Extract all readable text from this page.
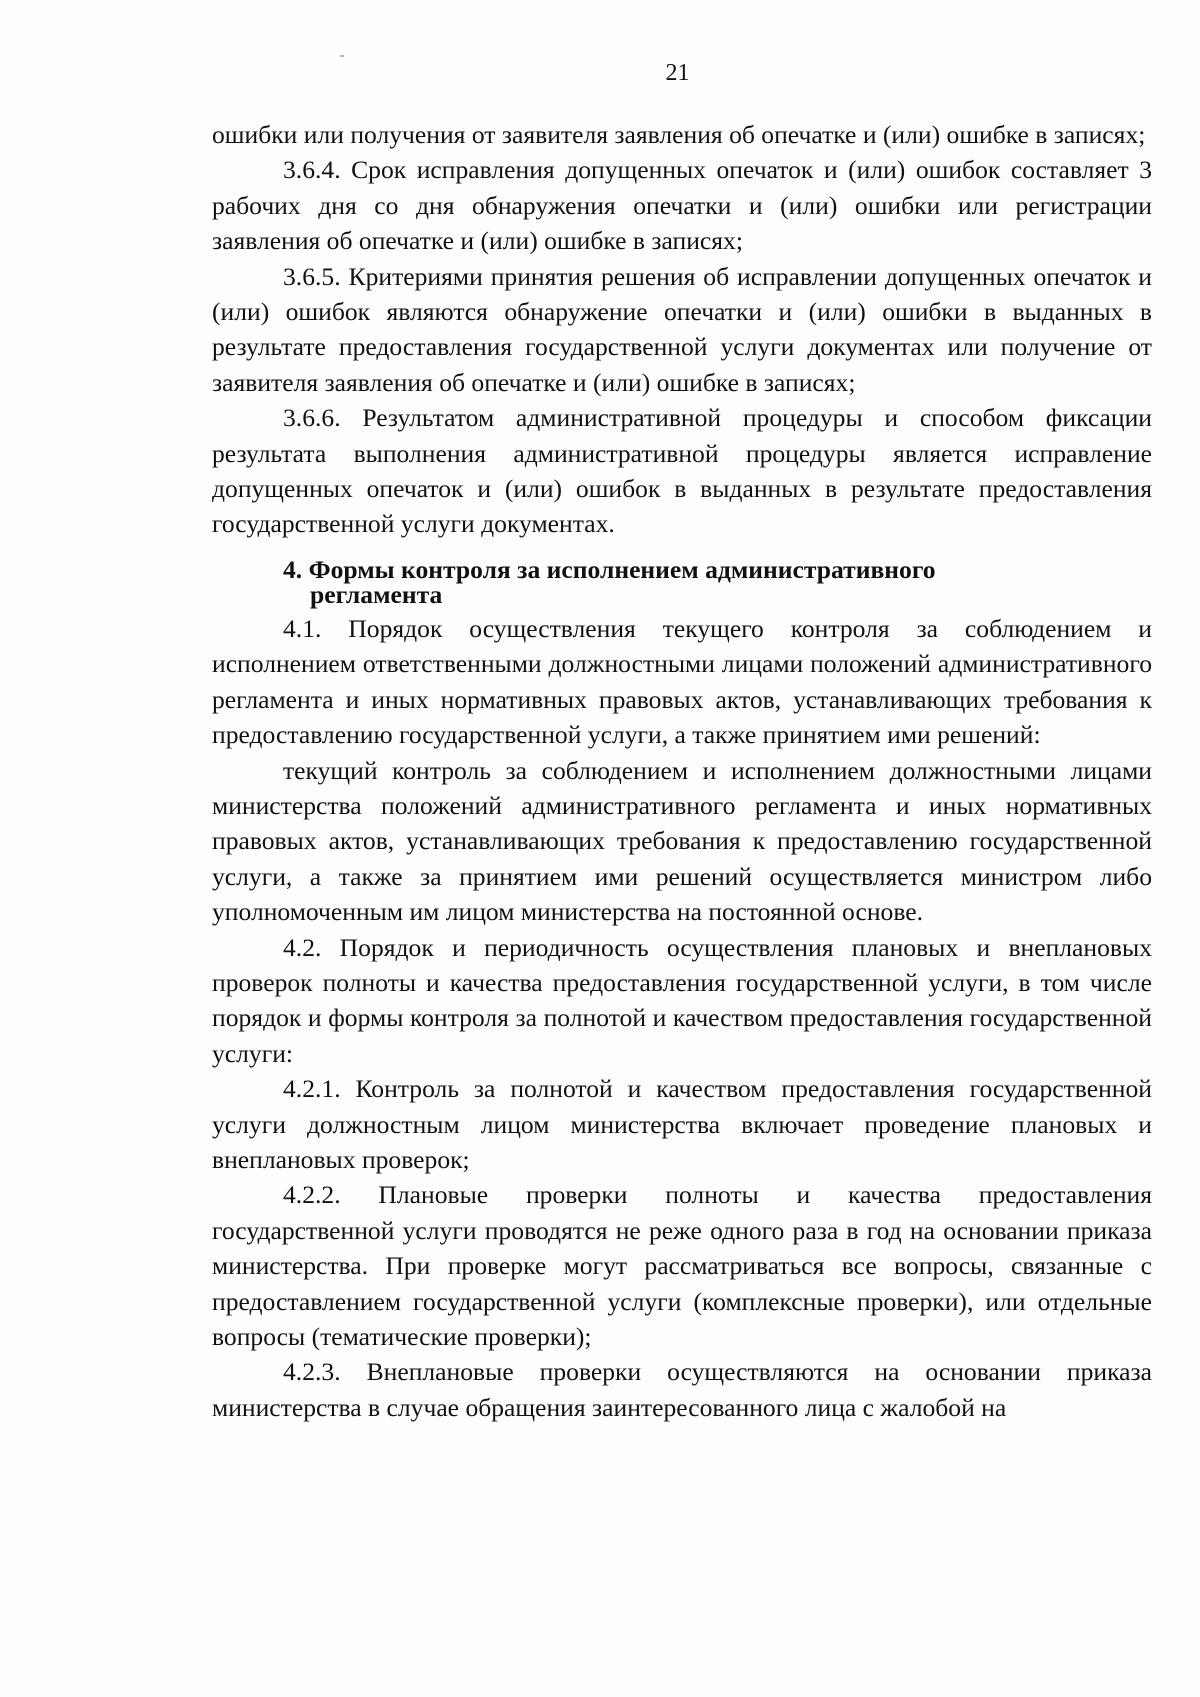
21

ошибки или получения от заявителя заявления об опечатке и (или) ошибке в записях;

3.6.4. Срок исправления допущенных опечаток и (или) ошибок составляет 3 рабочих дня со дня обнаружения опечатки и (или) ошибки или регистрации заявления об опечатке и (или) ошибке в записях;

3.6.5. Критериями принятия решения об исправлении допущенных опечаток и (или) ошибок являются обнаружение опечатки и (или) ошибки в выданных в результате предоставления государственной услуги документах или получение от заявителя заявления об опечатке и (или) ошибке в записях;

3.6.6. Результатом административной процедуры и способом фиксации результата выполнения административной процедуры является исправление допущенных опечаток и (или) ошибок в выданных в результате предоставления государственной услуги документах.

4. Формы контроля за исполнением административного
регламента

4.1. Порядок осуществления текущего контроля за соблюдением и исполнением ответственными должностными лицами положений административного регламента и иных нормативных правовых актов, устанавливающих требования к предоставлению государственной услуги, а также принятием ими решений:

текущий контроль за соблюдением и исполнением должностными лицами министерства положений административного регламента и иных нормативных правовых актов, устанавливающих требования к предоставлению государственной услуги, а также за принятием ими решений осуществляется министром либо уполномоченным им лицом министерства на постоянной основе.

4.2. Порядок и периодичность осуществления плановых и внеплановых проверок полноты и качества предоставления государственной услуги, в том числе порядок и формы контроля за полнотой и качеством предоставления государственной услуги:

4.2.1. Контроль за полнотой и качеством предоставления государственной услуги должностным лицом министерства включает проведение плановых и внеплановых проверок;

4.2.2. Плановые проверки полноты и качества предоставления государственной услуги проводятся не реже одного раза в год на основании приказа министерства. При проверке могут рассматриваться все вопросы, связанные с предоставлением государственной услуги (комплексные проверки), или отдельные вопросы (тематические проверки);

4.2.3. Внеплановые проверки осуществляются на основании приказа министерства в случае обращения заинтересованного лица с жалобой на
